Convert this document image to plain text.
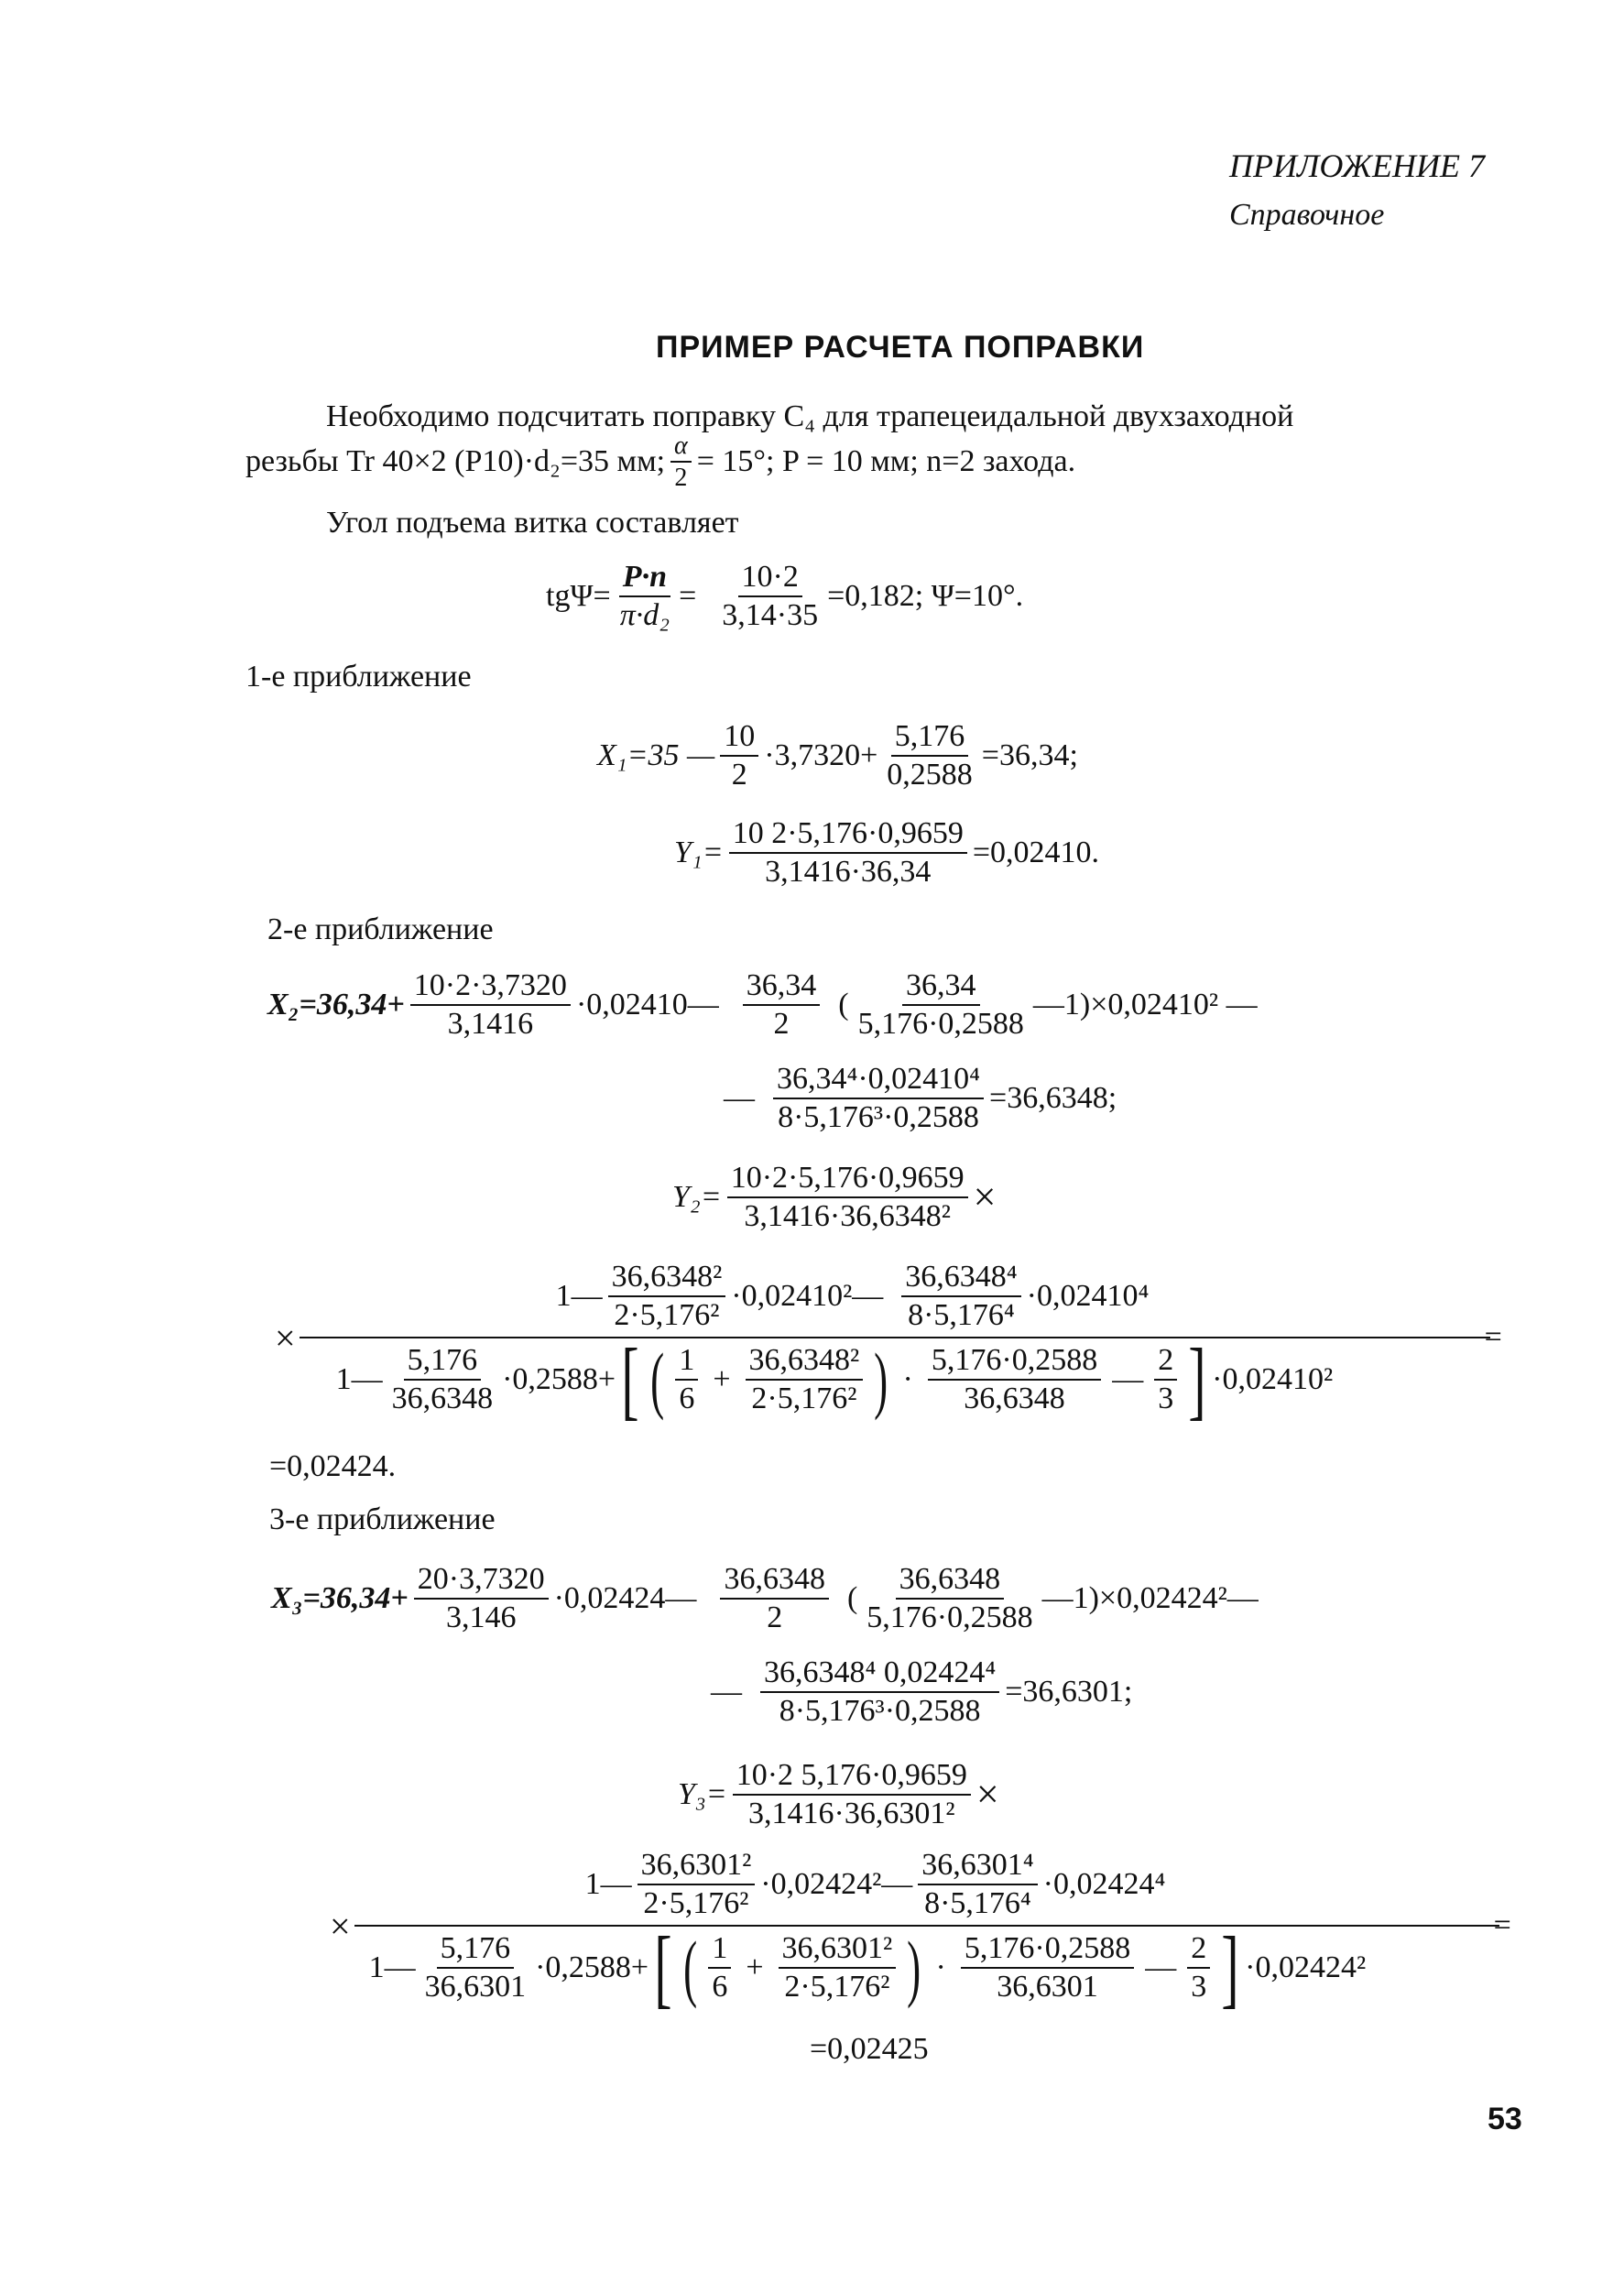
ПРИЛОЖЕНИЕ 7
Справочное
ПРИМЕР РАСЧЕТА ПОПРАВКИ
Необходимо подсчитать поправку C₄ для трапецеидальной двухзаходной
резьбы Tr 40×2 (P10)·d₂=35 мм; $\frac{\alpha}{2} = 15^\circ$; P = 10 мм; n=2 захода.
Угол подъема витка составляет
$tg\Psi= \frac{P\cdot n}{\text{π·d₂}} = \frac{10\cdot 2}{3,14\cdot 35} =0,182$; Ψ=10°.
1-е приближение
X₁=35 — $\frac{10}{2} \cdot 3,7320+ \frac{5,176}{0,2588} =36,34$;
$Y_1= \frac{10 2\cdot 5,176\cdot 0,9659}{3,1416\cdot 36,34} =0,02410$.
2-е приближение
$X_2=36,34+ \frac{10\cdot 2\cdot 3,7320}{3,1416}$ ·0,02410— $\frac{36,34}{2}$ ( $\frac{36,34}{5,176\cdot 0,2588}$ —1)×0,02410² —
— $\frac{\text{36,34⁴·0,02410⁴}}{\text{8·5,176³·0,2588}} =36,6348$;
$Y_2= \frac{10\cdot 2\cdot 5,176\cdot 0,9659}{\text{3,1416·36,6348²}}$ ×
×
1— $\frac{\text{36,6348²}}{\text{2·5,176²}}$ ·0,02410²— $\frac{\text{36,6348⁴}}{\text{8·5,176⁴}} \cdot 0,02410^4$
1— $\frac{5,176}{36,6348} \cdot 0,2588+$ [ ( $\frac{1}{6} + \frac{\text{36,6348²}}{\text{2·5,176²}}$ ) · $\frac{5,176\cdot 0,2588}{36,6348}$ — $\frac{2}{3}$ ] ·0,02410²
=
=0,02424.
3-е приближение
$X_3=36,34+ \frac{20\cdot 3,7320}{3,146}$ ·0,02424— $\frac{36,6348}{2}$ ( $\frac{36,6348}{5,176\cdot 0,2588}$ —1)×0,02424²—
— $\frac{\text{36,6348⁴ 0,02424⁴}}{\text{8·5,176³·0,2588}} =36,6301$;
$Y_3= \frac{10\cdot 2 5,176\cdot 0,9659}{\text{3,1416·36,6301²}}$ ×
×
1— $\frac{\text{36,6301²}}{\text{2·5,176²}}$ ·0,02424²— $\frac{\text{36,6301⁴}}{\text{8·5,176⁴}} \cdot 0,02424^4$
1— $\frac{5,176}{36,6301} \cdot 0,2588+$ [ ( $\frac{1}{6} + \frac{\text{36,6301²}}{\text{2·5,176²}}$ ) · $\frac{5,176\cdot 0,2588}{36,6301}$ — $\frac{2}{3}$ ] ·0,02424²
=
=0,02425
53
